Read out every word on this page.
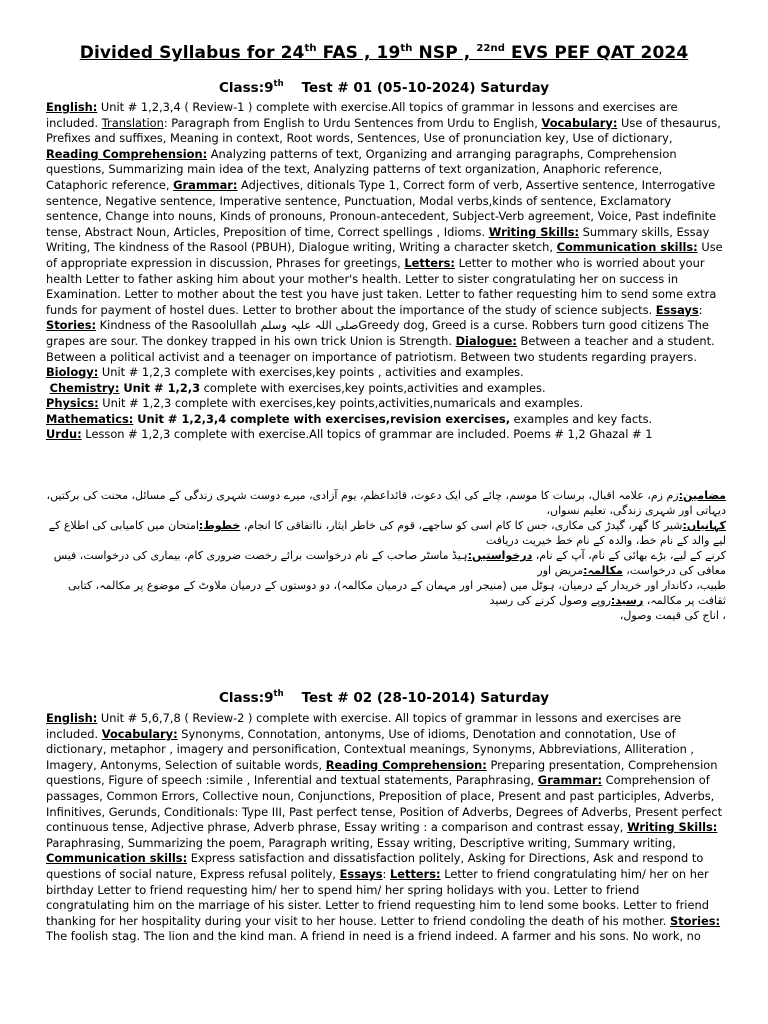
Divided Syllabus for 24th FAS , 19th NSP , $^{22nd}$ EVS PEF QAT 2024
Class:9th Test # 01 (05-10-2024) Saturday

English: Unit # 1,2,3,4 ( Review-1 ) complete with exercise.All topics of grammar in lessons and exercises are included. Translation: Paragraph from English to Urdu Sentences from Urdu to English, Vocabulary: Use of thesaurus, Prefixes and suffixes, Meaning in context, Root words, Sentences, Use of pronunciation key, Use of dictionary, Reading Comprehension: Analyzing patterns of text, Organizing and arranging paragraphs, Comprehension questions, Summarizing main idea of the text, Analyzing patterns of text organization, Anaphoric reference, Cataphoric reference, Grammar: Adjectives, ditionals Type 1, Correct form of verb, Assertive sentence, Interrogative sentence, Negative sentence, Imperative sentence, Punctuation, Modal verbs,kinds of sentence, Exclamatory sentence, Change into nouns, Kinds of pronouns, Pronoun-antecedent, Subject-Verb agreement, Voice, Past indefinite tense, Abstract Noun, Articles, Preposition of time, Correct spellings , Idioms. Writing Skills: Summary skills, Essay Writing, The kindness of the Rasool (PBUH), Dialogue writing, Writing a character sketch, Communication skills: Use of appropriate expression in discussion, Phrases for greetings, Letters: Letter to mother who is worried about your health Letter to father asking him about your mother's health. Letter to sister congratulating her on success in Examination. Letter to mother about the test you have just taken. Letter to father requesting him to send some extra funds for payment of hostel dues. Letter to brother about the importance of the study of science subjects. Essays: Stories: Kindness of the Rasoolullah صلی اللہ علیہ وسلمGreedy dog, Greed is a curse. Robbers turn good citizens The grapes are sour. The donkey trapped in his own trick Union is Strength. Dialogue: Between a teacher and a student. Between a political activist and a teenager on importance of patriotism. Between two students regarding prayers.

Biology: Unit # 1,2,3 complete with exercises,key points , activities and examples.

Chemistry: Unit # 1,2,3 complete with exercises,key points,activities and examples.

Physics: Unit # 1,2,3 complete with exercises,key points,activities,numaricals and examples.

Mathematics: Unit # 1,2,3,4 complete with exercises,revision exercises, examples and key facts.

Urdu: Lesson # 1,2,3 complete with exercise.All topics of grammar are included. Poems # 1,2 Ghazal # 1

مضامین:زم زم، علامہ اقبال، برسات کا موسم، چائے کی ایک دعوت، قائداعظم، یوم آزادی، میرے دوست شہری زندگی کے مسائل، محنت کی برکتیں، دیہاتی اور شہری زندگی، تعلیم نسواں،
کہانیاں:شیر کا گھر، گیدڑ کی مکاری، جس کا کام اسی کو ساجھے، قوم کی خاطر ایثار، نااتفاقی کا انجام، خطوط:امتحان میں کامیابی کی اطلاع کے لیے والد کے نام خط، والدہ کے نام خط خیریت دریافت
کرنے کے لیے، بڑے بھائی کے نام، آپ کے نام، درخواستیں:ہیڈ ماسٹر صاحب کے نام درخواست برائے رخصت ضروری کام، بیماری کی درخواست، فیس معافی کی درخواست، مکالمہ:مریض اور
طبیب، دکاندار اور خریدار کے درمیان، ہوٹل میں (منیجر اور مہمان کے درمیان مکالمہ)، دو دوستوں کے درمیان ملاوٹ کے موضوع پر مکالمہ، کتابی ثقافت پر مکالمہ، رسید:روپے وصول کرنے کی رسید
، اناج کی قیمت وصول،
Class:9th Test # 02 (28-10-2014) Saturday

English: Unit # 5,6,7,8 ( Review-2 ) complete with exercise. All topics of grammar in lessons and exercises are included. Vocabulary: Synonyms, Connotation, antonyms, Use of idioms, Denotation and connotation, Use of dictionary, metaphor , imagery and personification, Contextual meanings, Synonyms, Abbreviations, Alliteration , Imagery, Antonyms, Selection of suitable words, Reading Comprehension: Preparing presentation, Comprehension questions, Figure of speech :simile , Inferential and textual statements, Paraphrasing, Grammar: Comprehension of passages, Common Errors, Collective noun, Conjunctions, Preposition of place, Present and past participles, Adverbs, Infinitives, Gerunds, Conditionals: Type III, Past perfect tense, Position of Adverbs, Degrees of Adverbs, Present perfect continuous tense, Adjective phrase, Adverb phrase, Essay writing : a comparison and contrast essay, Writing Skills: Paraphrasing, Summarizing the poem, Paragraph writing, Essay writing, Descriptive writing, Summary writing, Communication skills: Express satisfaction and dissatisfaction politely, Asking for Directions, Ask and respond to questions of social nature, Express refusal politely, Essays: Letters: Letter to friend congratulating him/ her on her birthday Letter to friend requesting him/ her to spend him/ her spring holidays with you. Letter to friend congratulating him on the marriage of his sister. Letter to friend requesting him to lend some books. Letter to friend thanking for her hospitality during your visit to her house. Letter to friend condoling the death of his mother. Stories: The foolish stag. The lion and the kind man. A friend in need is a friend indeed. A farmer and his sons. No work, no
